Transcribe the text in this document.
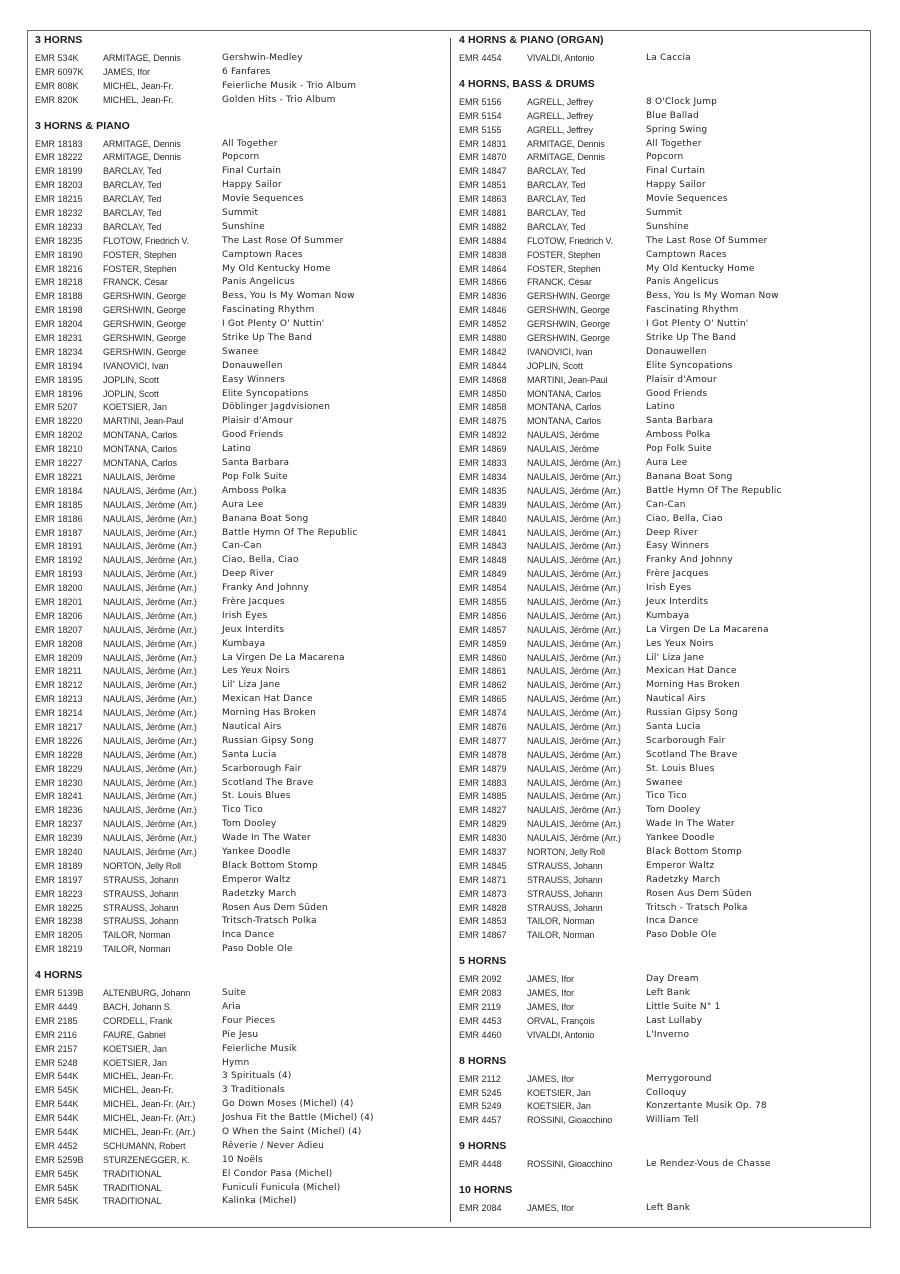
3 HORNS
EMR 534K	ARMITAGE, Dennis	Gershwin-Medley
EMR 6097K	JAMES, Ifor	6 Fanfares
EMR 808K	MICHEL, Jean-Fr.	Feierliche Musik - Trio Album
EMR 820K	MICHEL, Jean-Fr.	Golden Hits - Trio Album
3 HORNS & PIANO
EMR 18183	ARMITAGE, Dennis	All Together
EMR 18222	ARMITAGE, Dennis	Popcorn
EMR 18199	BARCLAY, Ted	Final Curtain
EMR 18203	BARCLAY, Ted	Happy Sailor
EMR 18215	BARCLAY, Ted	Movie Sequences
EMR 18232	BARCLAY, Ted	Summit
EMR 18233	BARCLAY, Ted	Sunshine
EMR 18235	FLOTOW, Friedrich V.	The Last Rose Of Summer
EMR 18190	FOSTER, Stephen	Camptown Races
EMR 18216	FOSTER, Stephen	My Old Kentucky Home
EMR 18218	FRANCK, César	Panis Angelicus
EMR 18188	GERSHWIN, George	Bess, You Is My Woman Now
EMR 18198	GERSHWIN, George	Fascinating Rhythm
EMR 18204	GERSHWIN, George	I Got Plenty O' Nuttin'
EMR 18231	GERSHWIN, George	Strike Up The Band
EMR 18234	GERSHWIN, George	Swanee
EMR 18194	IVANOVICI, Ivan	Donauwellen
EMR 18195	JOPLIN, Scott	Easy Winners
EMR 18196	JOPLIN, Scott	Elite Syncopations
EMR 5207	KOETSIER, Jan	Döblinger Jagdvisionen
EMR 18220	MARTINI, Jean-Paul	Plaisir d'Amour
EMR 18202	MONTANA, Carlos	Good Friends
EMR 18210	MONTANA, Carlos	Latino
EMR 18227	MONTANA, Carlos	Santa Barbara
EMR 18221	NAULAIS, Jérôme	Pop Folk Suite
EMR 18184	NAULAIS, Jérôme (Arr.)	Amboss Polka
EMR 18185	NAULAIS, Jérôme (Arr.)	Aura Lee
EMR 18186	NAULAIS, Jérôme (Arr.)	Banana Boat Song
EMR 18187	NAULAIS, Jérôme (Arr.)	Battle Hymn Of The Republic
EMR 18191	NAULAIS, Jérôme (Arr.)	Can-Can
EMR 18192	NAULAIS, Jérôme (Arr.)	Ciao, Bella, Ciao
EMR 18193	NAULAIS, Jérôme (Arr.)	Deep River
EMR 18200	NAULAIS, Jérôme (Arr.)	Franky And Johnny
EMR 18201	NAULAIS, Jérôme (Arr.)	Frère Jacques
EMR 18206	NAULAIS, Jérôme (Arr.)	Irish Eyes
EMR 18207	NAULAIS, Jérôme (Arr.)	Jeux Interdits
EMR 18208	NAULAIS, Jérôme (Arr.)	Kumbaya
EMR 18209	NAULAIS, Jérôme (Arr.)	La Virgen De La Macarena
EMR 18211	NAULAIS, Jérôme (Arr.)	Les Yeux Noirs
EMR 18212	NAULAIS, Jérôme (Arr.)	Lil' Liza Jane
EMR 18213	NAULAIS, Jérôme (Arr.)	Mexican Hat Dance
EMR 18214	NAULAIS, Jérôme (Arr.)	Morning Has Broken
EMR 18217	NAULAIS, Jérôme (Arr.)	Nautical Airs
EMR 18226	NAULAIS, Jérôme (Arr.)	Russian Gipsy Song
EMR 18228	NAULAIS, Jérôme (Arr.)	Santa Lucia
EMR 18229	NAULAIS, Jérôme (Arr.)	Scarborough Fair
EMR 18230	NAULAIS, Jérôme (Arr.)	Scotland The Brave
EMR 18241	NAULAIS, Jérôme (Arr.)	St. Louis Blues
EMR 18236	NAULAIS, Jérôme (Arr.)	Tico Tico
EMR 18237	NAULAIS, Jérôme (Arr.)	Tom Dooley
EMR 18239	NAULAIS, Jérôme (Arr.)	Wade In The Water
EMR 18240	NAULAIS, Jérôme (Arr.)	Yankee Doodle
EMR 18189	NORTON, Jelly Roll	Black Bottom Stomp
EMR 18197	STRAUSS, Johann	Emperor Waltz
EMR 18223	STRAUSS, Johann	Radetzky March
EMR 18225	STRAUSS, Johann	Rosen Aus Dem Süden
EMR 18238	STRAUSS, Johann	Tritsch-Tratsch Polka
EMR 18205	TAILOR, Norman	Inca Dance
EMR 18219	TAILOR, Norman	Paso Doble Ole
4 HORNS
EMR 5139B	ALTENBURG, Johann	Suite
EMR 4449	BACH, Johann S.	Aria
EMR 2185	CORDELL, Frank	Four Pieces
EMR 2116	FAURE, Gabriel	Pie Jesu
EMR 2157	KOETSIER, Jan	Feierliche Musik
EMR 5248	KOETSIER, Jan	Hymn
EMR 544K	MICHEL, Jean-Fr.	3 Spirituals (4)
EMR 545K	MICHEL, Jean-Fr.	3 Traditionals
EMR 544K	MICHEL, Jean-Fr. (Arr.)	Go Down Moses (Michel) (4)
EMR 544K	MICHEL, Jean-Fr. (Arr.)	Joshua Fit the Battle (Michel) (4)
EMR 544K	MICHEL, Jean-Fr. (Arr.)	O When the Saint (Michel) (4)
EMR 4452	SCHUMANN, Robert	Rêverie / Never Adieu
EMR 5259B	STURZENEGGER, K.	10 Noëls
EMR 545K	TRADITIONAL	El Condor Pasa (Michel)
EMR 545K	TRADITIONAL	Funiculi Funicula (Michel)
EMR 545K	TRADITIONAL	Kalinka (Michel)
4 HORNS & PIANO (ORGAN)
EMR 4454	VIVALDI, Antonio	La Caccia
4 HORNS, BASS & DRUMS
EMR 5156	AGRELL, Jeffrey	8 O'Clock Jump
EMR 5154	AGRELL, Jeffrey	Blue Ballad
EMR 5155	AGRELL, Jeffrey	Spring Swing
EMR 14831	ARMITAGE, Dennis	All Together
EMR 14870	ARMITAGE, Dennis	Popcorn
EMR 14847	BARCLAY, Ted	Final Curtain
EMR 14851	BARCLAY, Ted	Happy Sailor
EMR 14863	BARCLAY, Ted	Movie Sequences
EMR 14881	BARCLAY, Ted	Summit
EMR 14882	BARCLAY, Ted	Sunshine
EMR 14884	FLOTOW, Friedrich V.	The Last Rose Of Summer
EMR 14838	FOSTER, Stephen	Camptown Races
EMR 14864	FOSTER, Stephen	My Old Kentucky Home
EMR 14866	FRANCK, César	Panis Angelicus
EMR 14836	GERSHWIN, George	Bess, You Is My Woman Now
EMR 14846	GERSHWIN, George	Fascinating Rhythm
EMR 14852	GERSHWIN, George	I Got Plenty O' Nuttin'
EMR 14880	GERSHWIN, George	Strike Up The Band
EMR 14842	IVANOVICI, Ivan	Donauwellen
EMR 14844	JOPLIN, Scott	Elite Syncopations
EMR 14868	MARTINI, Jean-Paul	Plaisir d'Amour
EMR 14850	MONTANA, Carlos	Good Friends
EMR 14858	MONTANA, Carlos	Latino
EMR 14875	MONTANA, Carlos	Santa Barbara
EMR 14832	NAULAIS, Jérôme	Amboss Polka
EMR 14869	NAULAIS, Jérôme	Pop Folk Suite
EMR 14833	NAULAIS, Jérôme (Arr.)	Aura Lee
EMR 14834	NAULAIS, Jérôme (Arr.)	Banana Boat Song
EMR 14835	NAULAIS, Jérôme (Arr.)	Battle Hymn Of The Republic
EMR 14839	NAULAIS, Jérôme (Arr.)	Can-Can
EMR 14840	NAULAIS, Jérôme (Arr.)	Ciao, Bella, Ciao
EMR 14841	NAULAIS, Jérôme (Arr.)	Deep River
EMR 14843	NAULAIS, Jérôme (Arr.)	Easy Winners
EMR 14848	NAULAIS, Jérôme (Arr.)	Franky And Johnny
EMR 14849	NAULAIS, Jérôme (Arr.)	Frère Jacques
EMR 14854	NAULAIS, Jérôme (Arr.)	Irish Eyes
EMR 14855	NAULAIS, Jérôme (Arr.)	Jeux Interdits
EMR 14856	NAULAIS, Jérôme (Arr.)	Kumbaya
EMR 14857	NAULAIS, Jérôme (Arr.)	La Virgen De La Macarena
EMR 14859	NAULAIS, Jérôme (Arr.)	Les Yeux Noirs
EMR 14860	NAULAIS, Jérôme (Arr.)	Lil' Liza Jane
EMR 14861	NAULAIS, Jérôme (Arr.)	Mexican Hat Dance
EMR 14862	NAULAIS, Jérôme (Arr.)	Morning Has Broken
EMR 14865	NAULAIS, Jérôme (Arr.)	Nautical Airs
EMR 14874	NAULAIS, Jérôme (Arr.)	Russian Gipsy Song
EMR 14876	NAULAIS, Jérôme (Arr.)	Santa Lucia
EMR 14877	NAULAIS, Jérôme (Arr.)	Scarborough Fair
EMR 14878	NAULAIS, Jérôme (Arr.)	Scotland The Brave
EMR 14879	NAULAIS, Jérôme (Arr.)	St. Louis Blues
EMR 14883	NAULAIS, Jérôme (Arr.)	Swanee
EMR 14885	NAULAIS, Jérôme (Arr.)	Tico Tico
EMR 14827	NAULAIS, Jérôme (Arr.)	Tom Dooley
EMR 14829	NAULAIS, Jérôme (Arr.)	Wade In The Water
EMR 14830	NAULAIS, Jérôme (Arr.)	Yankee Doodle
EMR 14837	NORTON, Jelly Roll	Black Bottom Stomp
EMR 14845	STRAUSS, Johann	Emperor Waltz
EMR 14871	STRAUSS, Johann	Radetzky March
EMR 14873	STRAUSS, Johann	Rosen Aus Dem Süden
EMR 14828	STRAUSS, Johann	Tritsch - Tratsch Polka
EMR 14853	TAILOR, Norman	Inca Dance
EMR 14867	TAILOR, Norman	Paso Doble Ole
5 HORNS
EMR 2092	JAMES, Ifor	Day Dream
EMR 2083	JAMES, Ifor	Left Bank
EMR 2119	JAMES, Ifor	Little Suite N° 1
EMR 4453	ORVAL, François	Last Lullaby
EMR 4460	VIVALDI, Antonio	L'Inverno
8 HORNS
EMR 2112	JAMES, Ifor	Merrygoround
EMR 5245	KOETSIER, Jan	Colloquy
EMR 5249	KOETSIER, Jan	Konzertante Musik Op. 78
EMR 4457	ROSSINI, Gioacchino	William Tell
9 HORNS
EMR 4448	ROSSINI, Gioacchino	Le Rendez-Vous de Chasse
10 HORNS
EMR 2084	JAMES, Ifor	Left Bank
